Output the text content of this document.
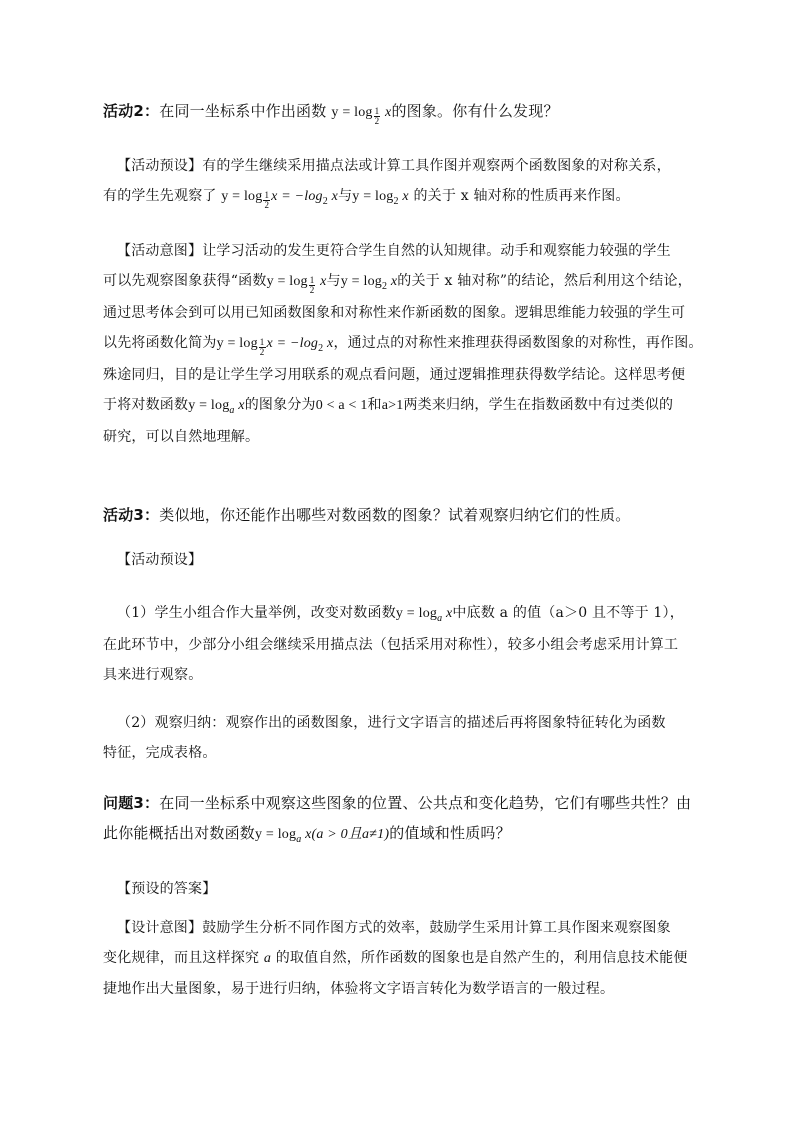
活动2：在同一坐标系中作出函数 $y = \log \frac{1}{2}$ x的图象。你有什么发现？

【活动预设】有的学生继续采用描点法或计算工具作图并观察两个函数图象的对称关系，
有的学生先观察了 $y = \log \frac{1}{2}$ $x = -\log_2$ x与$y = \log_2 x$ 的关于 x 轴对称的性质再来作图。
【活动意图】让学习活动的发生更符合学生自然的认知规律。动手和观察能力较强的学生
可以先观察图象获得“函数$y = \log \frac{1}{2}$ x与$y = \log_2 x$的关于 x 轴对称”的结论，然后利用这个结论，
通过思考体会到可以用已知函数图象和对称性来作新函数的图象。逻辑思维能力较强的学生可
以先将函数化简为$y = \log \frac{1}{2}$ $x = -\log_2$ x，通过点的对称性来推理获得函数图象的对称性，再作图。
殊途同归，目的是让学生学习用联系的观点看问题，通过逻辑推理获得数学结论。这样思考便
于将对数函数$y = \log_a x$的图象分为0 < a < 1和a>1两类来归纳，学生在指数函数中有过类似的
研究，可以自然地理解。

活动3：类似地，你还能作出哪些对数函数的图象？试着观察归纳它们的性质。

【活动预设】
（1）学生小组合作大量举例，改变对数函数$y = \log_a x$中底数 a 的值（a＞0 且不等于 1），
在此环节中，少部分小组会继续采用描点法（包括采用对称性），较多小组会考虑采用计算工
具来进行观察。
（2）观察归纳：观察作出的函数图象，进行文字语言的描述后再将图象特征转化为函数
特征，完成表格。
问题3：在同一坐标系中观察这些图象的位置、公共点和变化趋势，它们有哪些共性？由
此你能概括出对数函数$y = \log_a x(a > 0$且a≠1)的值域和性质吗？
【预设的答案】
【设计意图】鼓励学生分析不同作图方式的效率，鼓励学生采用计算工具作图来观察图象
变化规律，而且这样探究 a 的取值自然，所作函数的图象也是自然产生的，利用信息技术能便
捷地作出大量图象，易于进行归纳，体验将文字语言转化为数学语言的一般过程。
